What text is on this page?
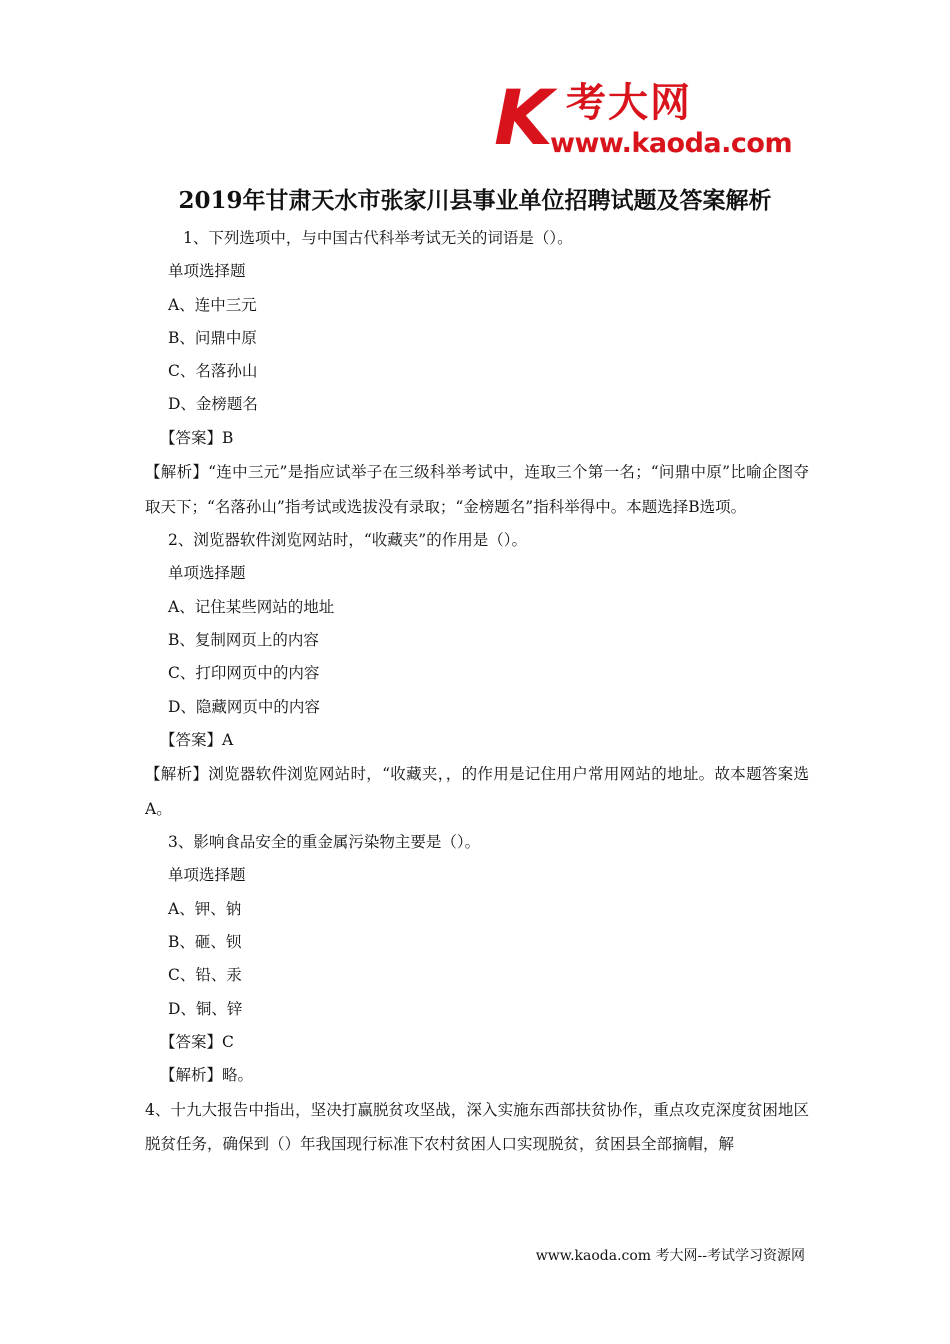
K 考大网
www.kaoda.com
2019年甘肃天水市张家川县事业单位招聘试题及答案解析

1、下列选项中，与中国古代科举考试无关的词语是（）。

单项选择题

A、连中三元

B、问鼎中原

C、名落孙山

D、金榜题名

【答案】B

【解析】“连中三元”是指应试举子在三级科举考试中，连取三个第一名；“问鼎中原”比喻企图夺取天下；“名落孙山”指考试或选拔没有录取；“金榜题名”指科举得中。本题选择B选项。

2、浏览器软件浏览网站时，“收藏夹”的作用是（）。

单项选择题

A、记住某些网站的地址

B、复制网页上的内容

C、打印网页中的内容

D、隐藏网页中的内容

【答案】A

【解析】浏览器软件浏览网站时，“收藏夹，，的作用是记住用户常用网站的地址。故本题答案选A。

3、影响食品安全的重金属污染物主要是（）。

单项选择题

A、钾、钠

B、砸、钡

C、铅、汞

D、铜、锌

【答案】C

【解析】略。

4、十九大报告中指出，坚决打赢脱贫攻坚战，深入实施东西部扶贫协作，重点攻克深度贫困地区脱贫任务，确保到（）年我国现行标准下农村贫困人口实现脱贫，贫困县全部摘帽，解

www.kaoda.com 考大网--考试学习资源网
